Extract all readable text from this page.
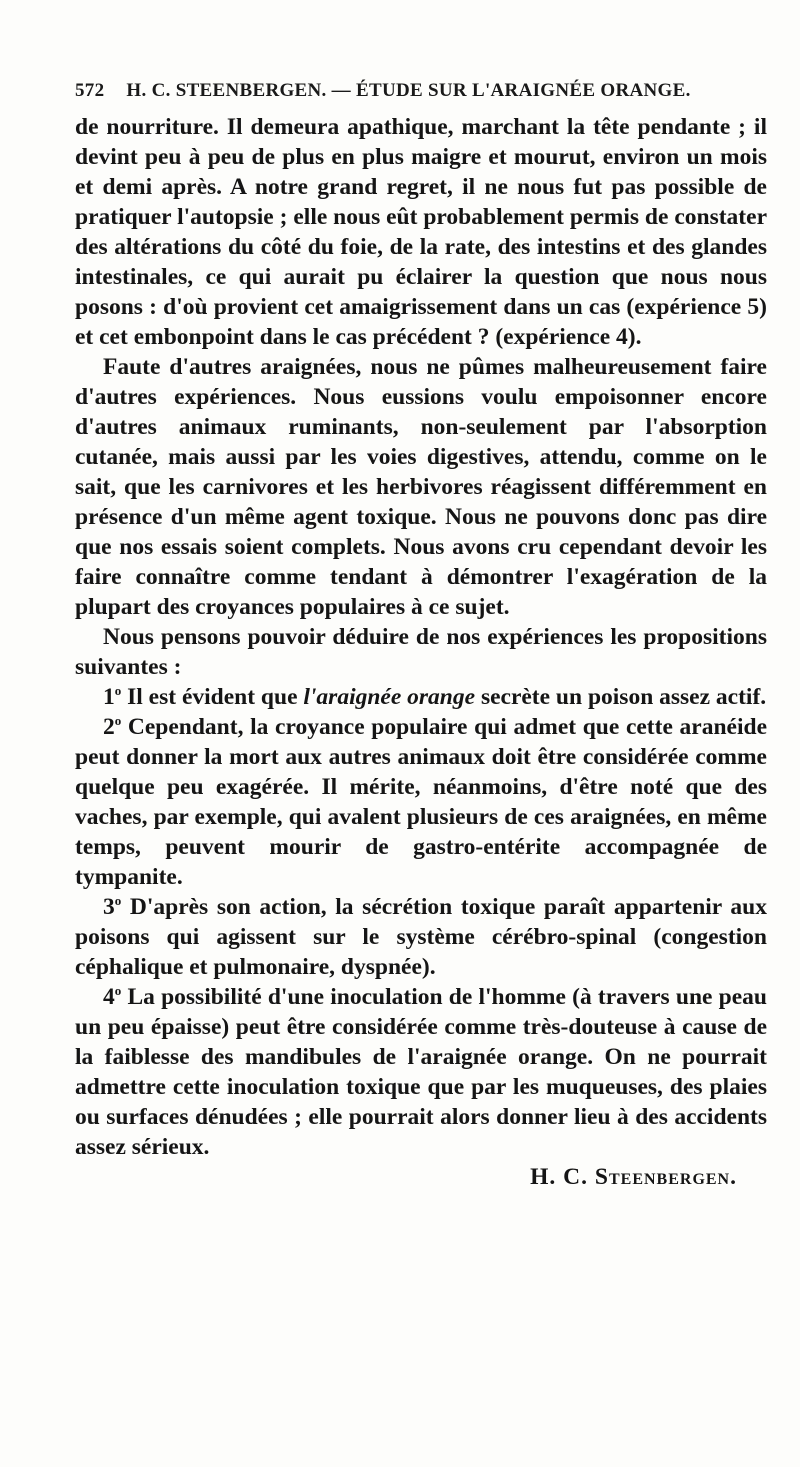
572 H. C. STEENBERGEN. — ÉTUDE SUR L'ARAIGNÉE ORANGE.

de nourriture. Il demeura apathique, marchant la tête pendante ; il devint peu à peu de plus en plus maigre et mourut, environ un mois et demi après. A notre grand regret, il ne nous fut pas possible de pratiquer l'autopsie ; elle nous eût probablement permis de constater des altérations du côté du foie, de la rate, des intestins et des glandes intestinales, ce qui aurait pu éclairer la question que nous nous posons : d'où provient cet amaigrissement dans un cas (expérience 5) et cet embonpoint dans le cas précédent ? (expérience 4).

Faute d'autres araignées, nous ne pûmes malheureusement faire d'autres expériences. Nous eussions voulu empoisonner encore d'autres animaux ruminants, non-seulement par l'absorption cutanée, mais aussi par les voies digestives, attendu, comme on le sait, que les carnivores et les herbivores réagissent différemment en présence d'un même agent toxique. Nous ne pouvons donc pas dire que nos essais soient complets. Nous avons cru cependant devoir les faire connaître comme tendant à démontrer l'exagération de la plupart des croyances populaires à ce sujet.

Nous pensons pouvoir déduire de nos expériences les propositions suivantes :

1$^o$ Il est évident que l'araignée orange secrète un poison assez actif.

2$^o$ Cependant, la croyance populaire qui admet que cette aranéide peut donner la mort aux autres animaux doit être considérée comme quelque peu exagérée. Il mérite, néanmoins, d'être noté que des vaches, par exemple, qui avalent plusieurs de ces araignées, en même temps, peuvent mourir de gastro-entérite accompagnée de tympanite.

3$^o$ D'après son action, la sécrétion toxique paraît appartenir aux poisons qui agissent sur le système cérébro-spinal (congestion céphalique et pulmonaire, dyspnée).

4$^o$ La possibilité d'une inoculation de l'homme (à travers une peau un peu épaisse) peut être considérée comme très-douteuse à cause de la faiblesse des mandibules de l'araignée orange. On ne pourrait admettre cette inoculation toxique que par les muqueuses, des plaies ou surfaces dénudées ; elle pourrait alors donner lieu à des accidents assez sérieux.

H. C. Steenbergen.
